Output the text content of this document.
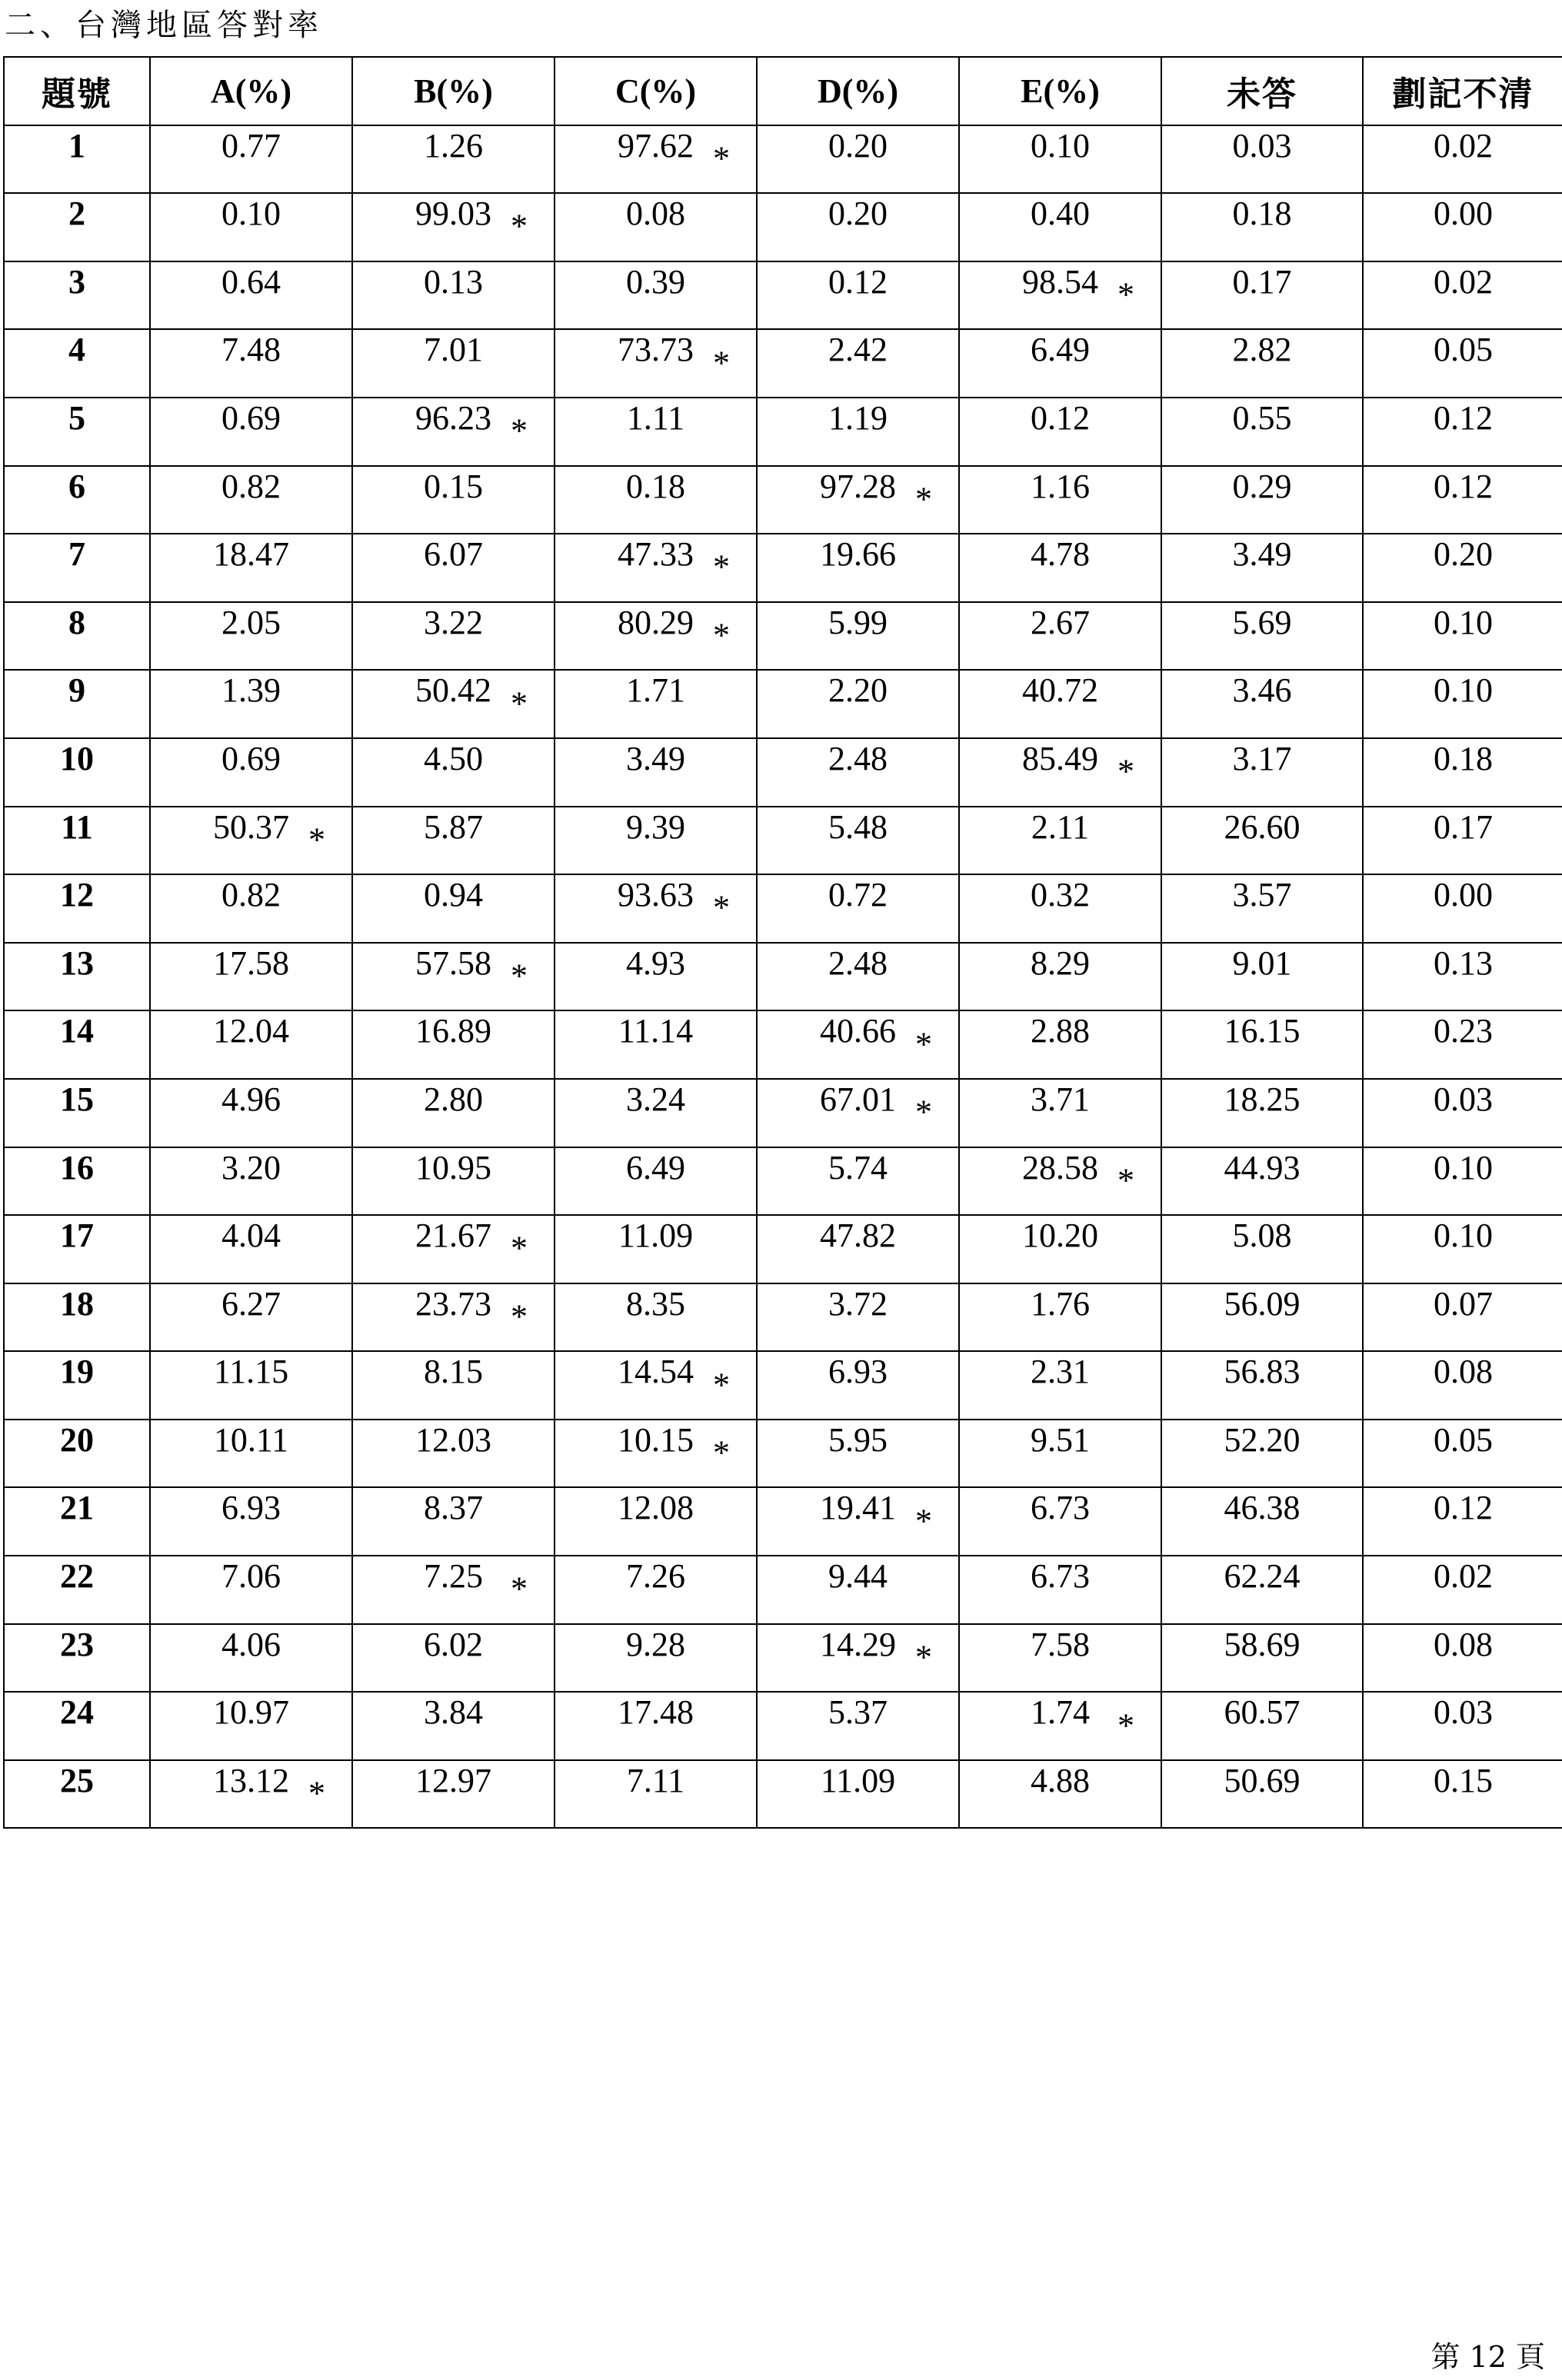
二、台灣地區答對率
題號	A(%)	B(%)	C(%)	D(%)	E(%)	未答	劃記不清

1	0.77	1.26	97.62 *	0.20	0.10	0.03	0.02

2	0.10	99.03 *	0.08	0.20	0.40	0.18	0.00

3	0.64	0.13	0.39	0.12	98.54 *	0.17	0.02

4	7.48	7.01	73.73 *	2.42	6.49	2.82	0.05

5	0.69	96.23 *	1.11	1.19	0.12	0.55	0.12

6	0.82	0.15	0.18	97.28 *	1.16	0.29	0.12

7	18.47	6.07	47.33 *	19.66	4.78	3.49	0.20

8	2.05	3.22	80.29 *	5.99	2.67	5.69	0.10

9	1.39	50.42 *	1.71	2.20	40.72	3.46	0.10

10	0.69	4.50	3.49	2.48	85.49 *	3.17	0.18

11	50.37 *	5.87	9.39	5.48	2.11	26.60	0.17

12	0.82	0.94	93.63 *	0.72	0.32	3.57	0.00

13	17.58	57.58 *	4.93	2.48	8.29	9.01	0.13

14	12.04	16.89	11.14	40.66 *	2.88	16.15	0.23

15	4.96	2.80	3.24	67.01 *	3.71	18.25	0.03

16	3.20	10.95	6.49	5.74	28.58 *	44.93	0.10

17	4.04	21.67 *	11.09	47.82	10.20	5.08	0.10

18	6.27	23.73 *	8.35	3.72	1.76	56.09	0.07

19	11.15	8.15	14.54 *	6.93	2.31	56.83	0.08

20	10.11	12.03	10.15 *	5.95	9.51	52.20	0.05

21	6.93	8.37	12.08	19.41 *	6.73	46.38	0.12

22	7.06	7.25 *	7.26	9.44	6.73	62.24	0.02

23	4.06	6.02	9.28	14.29 *	7.58	58.69	0.08

24	10.97	3.84	17.48	5.37	1.74 *	60.57	0.03

25	13.12 *	12.97	7.11	11.09	4.88	50.69	0.15
第 12 頁
